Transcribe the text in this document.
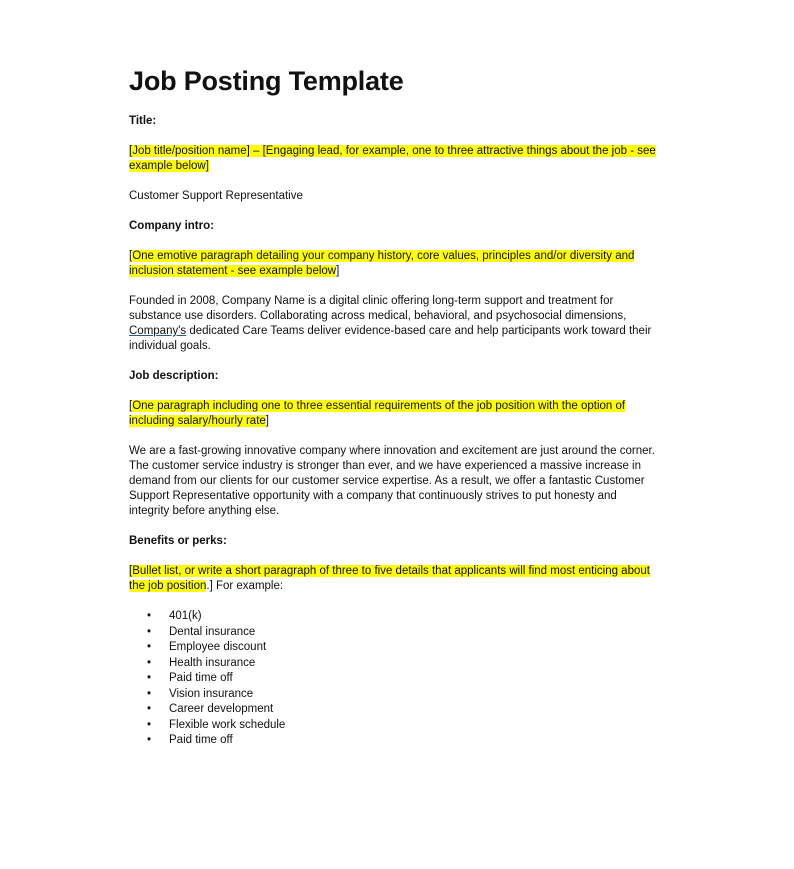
Job Posting Template
Title:
[Job title/position name] – [Engaging lead, for example, one to three attractive things about the job - see example below]
Customer Support Representative
Company intro:
[One emotive paragraph detailing your company history, core values, principles and/or diversity and inclusion statement - see example below]
Founded in 2008, Company Name is a digital clinic offering long-term support and treatment for substance use disorders. Collaborating across medical, behavioral, and psychosocial dimensions, Company's dedicated Care Teams deliver evidence-based care and help participants work toward their individual goals.
Job description:
[One paragraph including one to three essential requirements of the job position with the option of including salary/hourly rate]
We are a fast-growing innovative company where innovation and excitement are just around the corner. The customer service industry is stronger than ever, and we have experienced a massive increase in demand from our clients for our customer service expertise. As a result, we offer a fantastic Customer Support Representative opportunity with a company that continuously strives to put honesty and integrity before anything else.
Benefits or perks:
[Bullet list, or write a short paragraph of three to five details that applicants will find most enticing about the job position.] For example:
• 401(k)
• Dental insurance
• Employee discount
• Health insurance
• Paid time off
• Vision insurance
• Career development
• Flexible work schedule
• Paid time off
